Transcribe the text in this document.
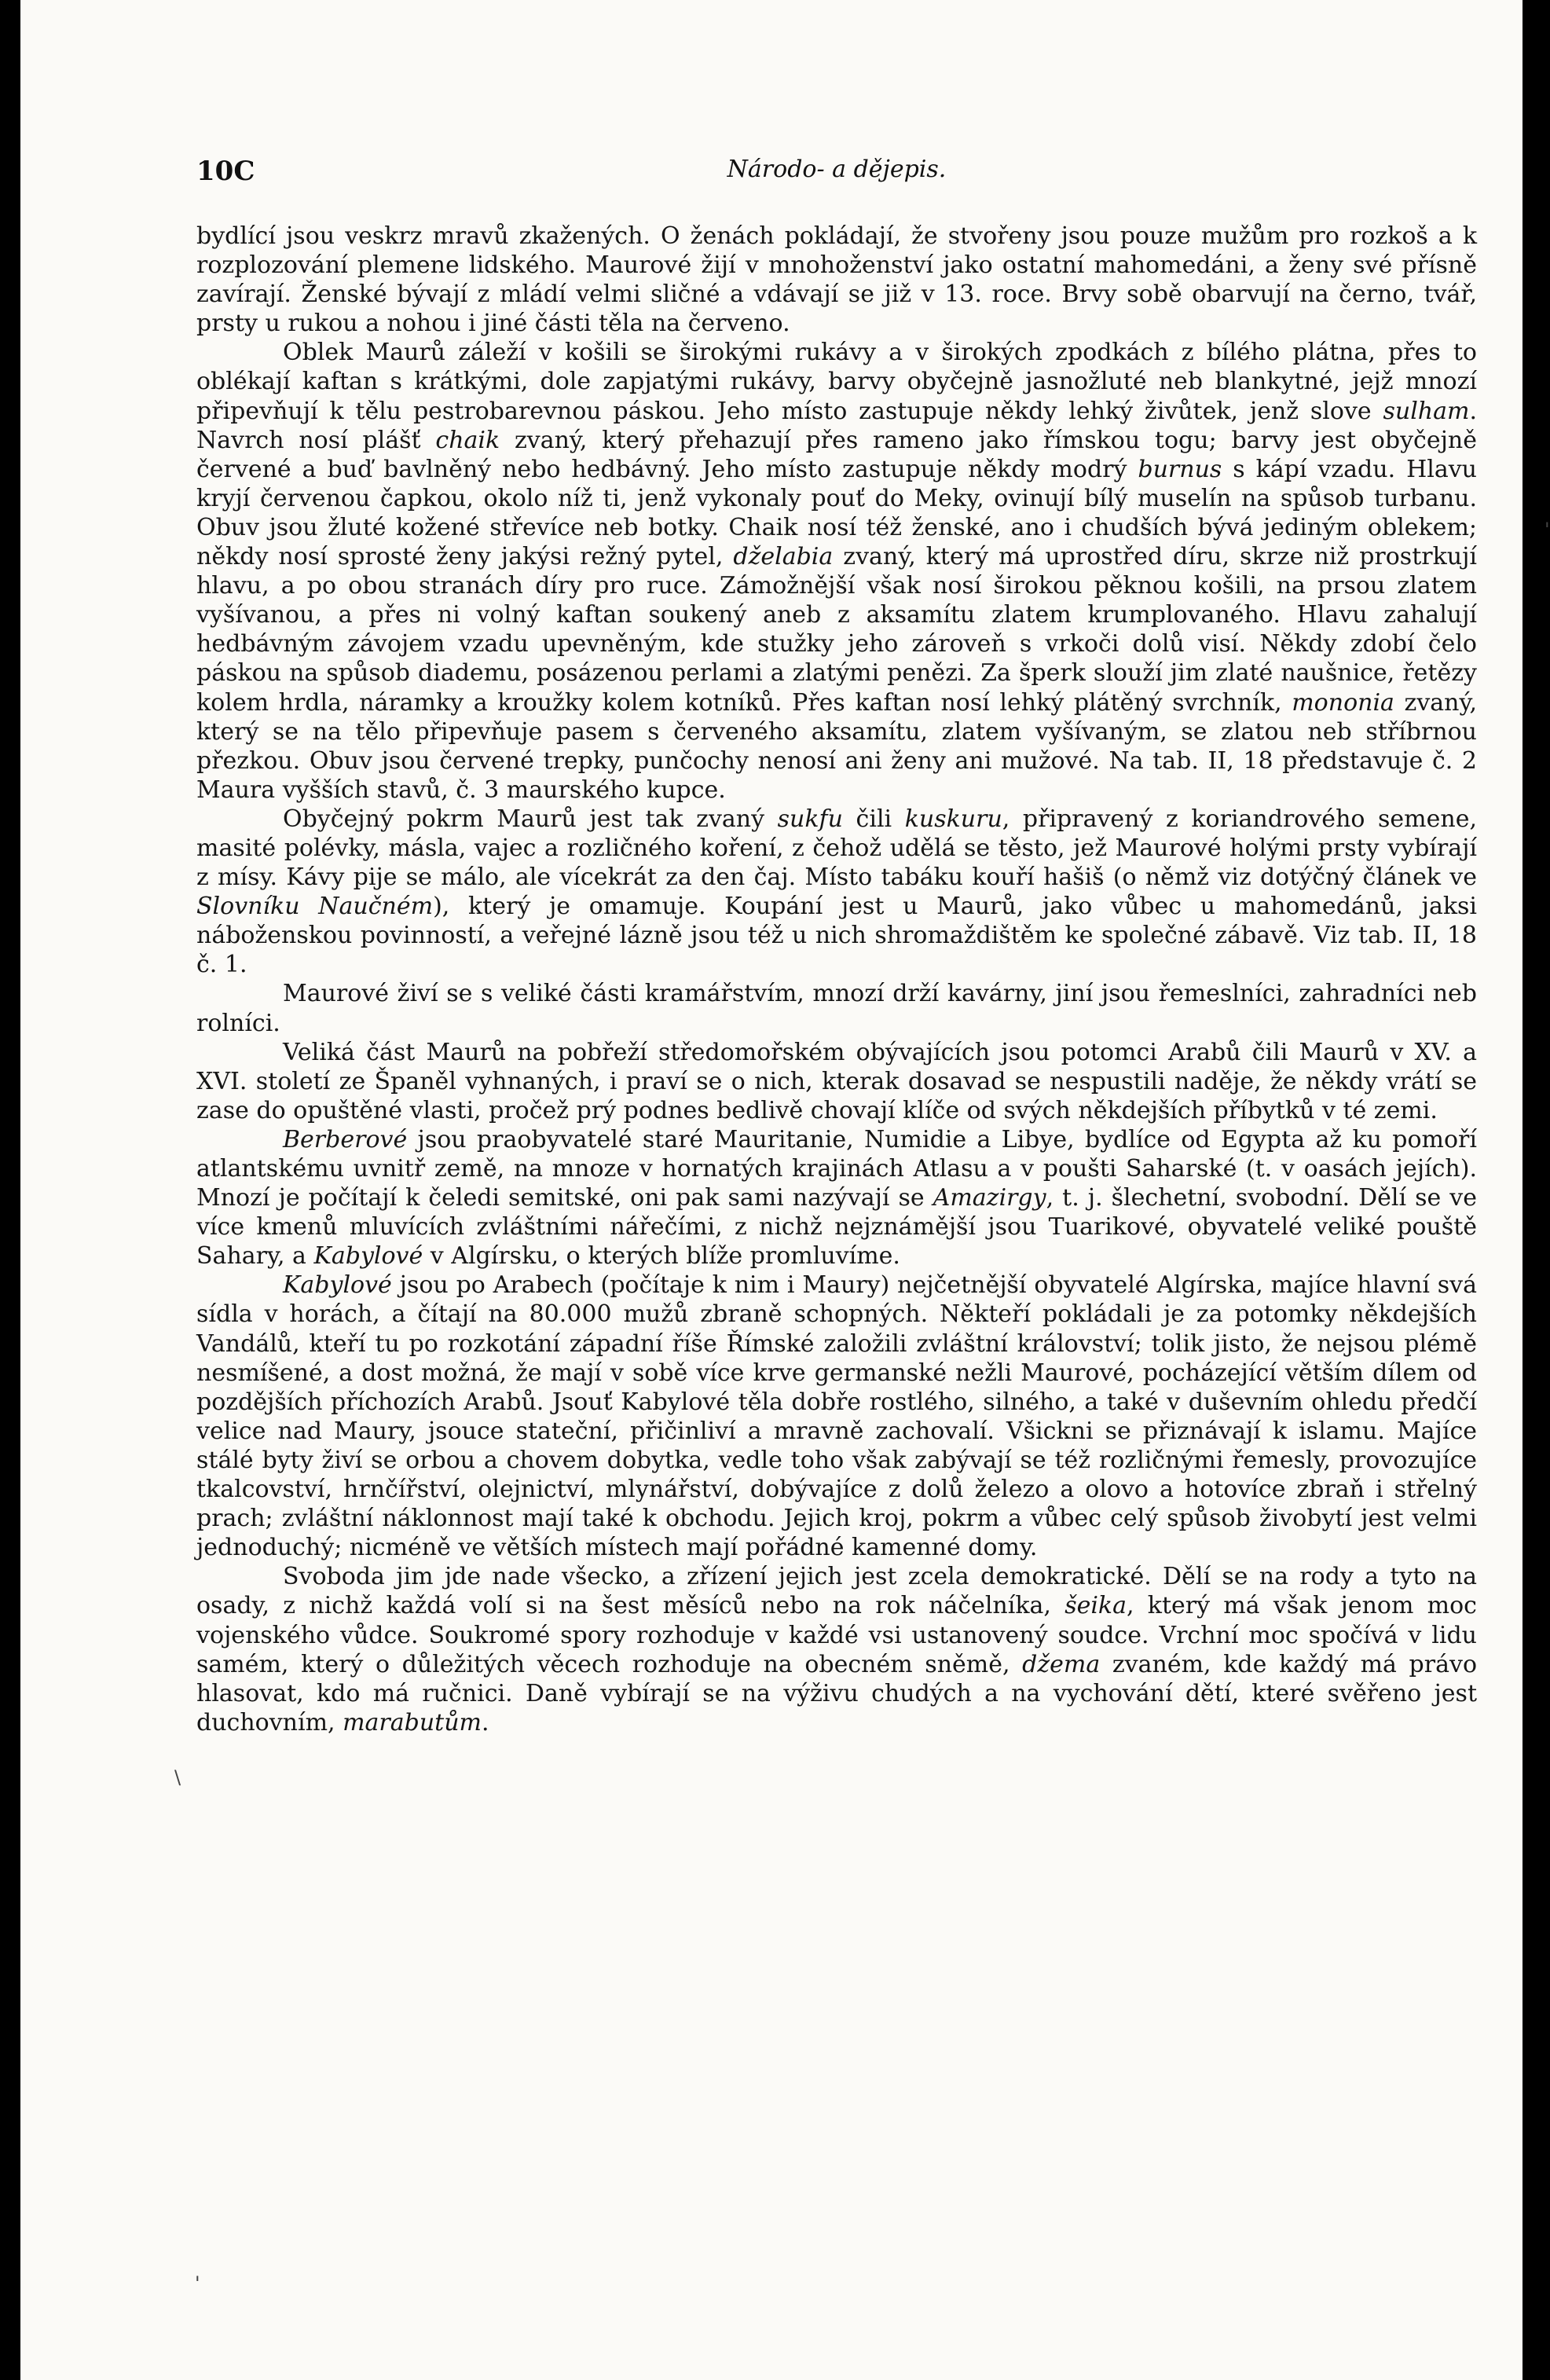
10C	Národo- a dějepis.

bydlící jsou veskrz mravů zkažených. O ženách pokládají, že stvořeny jsou pouze mužům pro rozkoš a k rozplozování plemene lidského. Maurové žijí v mnohoženství jako ostatní mahomedáni, a ženy své přísně zavírají. Ženské bývají z mládí velmi sličné a vdávají se již v 13. roce. Brvy sobě obarvují na černo, tvář, prsty u rukou a nohou i jiné části těla na červeno.

Oblek Maurů záleží v košili se širokými rukávy a v širokých zpodkách z bílého plátna, přes to oblékají kaftan s krátkými, dole zapjatými rukávy, barvy obyčejně jasnožluté neb blankytné, jejž mnozí připevňují k tělu pestrobarevnou páskou. Jeho místo zastupuje někdy lehký živůtek, jenž slove sulham. Navrch nosí plášť chaik zvaný, který přehazují přes rameno jako římskou togu; barvy jest obyčejně červené a buď bavlněný nebo hedbávný. Jeho místo zastupuje někdy modrý burnus s kápí vzadu. Hlavu kryjí červenou čapkou, okolo níž ti, jenž vykonaly pouť do Meky, ovinují bílý muselín na spůsob turbanu. Obuv jsou žluté kožené střevíce neb botky. Chaik nosí též ženské, ano i chudších bývá jediným oblekem; někdy nosí sprosté ženy jakýsi režný pytel, dželabia zvaný, který má uprostřed díru, skrze niž prostrkují hlavu, a po obou stranách díry pro ruce. Zámožnější však nosí širokou pěknou košili, na prsou zlatem vyšívanou, a přes ni volný kaftan soukený aneb z aksamítu zlatem krumplovaného. Hlavu zahalují hedbávným závojem vzadu upevněným, kde stužky jeho zároveň s vrkoči dolů visí. Někdy zdobí čelo páskou na spůsob diademu, posázenou perlami a zlatými penězi. Za šperk slouží jim zlaté naušnice, řetězy kolem hrdla, náramky a kroužky kolem kotníků. Přes kaftan nosí lehký plátěný svrchník, mononia zvaný, který se na tělo připevňuje pasem s červeného aksamítu, zlatem vyšívaným, se zlatou neb stříbrnou přezkou. Obuv jsou červené trepky, punčochy nenosí ani ženy ani mužové. Na tab. II, 18 představuje č. 2 Maura vyšších stavů, č. 3 maurského kupce.

Obyčejný pokrm Maurů jest tak zvaný sukfu čili kuskuru, připravený z koriandrového semene, masité polévky, másla, vajec a rozličného koření, z čehož udělá se těsto, jež Maurové holými prsty vybírají z mísy. Kávy pije se málo, ale vícekrát za den čaj. Místo tabáku kouří hašiš (o němž viz dotýčný článek ve Slovníku Naučném), který je omamuje. Koupání jest u Maurů, jako vůbec u mahomedánů, jaksi náboženskou povinností, a veřejné lázně jsou též u nich shromaždištěm ke společné zábavě. Viz tab. II, 18 č. 1.

Maurové živí se s veliké části kramářstvím, mnozí drží kavárny, jiní jsou řemeslníci, zahradníci neb rolníci.

Veliká část Maurů na pobřeží středomořském obývajících jsou potomci Arabů čili Maurů v XV. a XVI. století ze Španěl vyhnaných, i praví se o nich, kterak dosavad se nespustili naděje, že někdy vrátí se zase do opuštěné vlasti, pročež prý podnes bedlivě chovají klíče od svých někdejších příbytků v té zemi.

Berberové jsou praobyvatelé staré Mauritanie, Numidie a Libye, bydlíce od Egypta až ku pomoří atlantskému uvnitř země, na mnoze v hornatých krajinách Atlasu a v poušti Saharské (t. v oasách jejích). Mnozí je počítají k čeledi semitské, oni pak sami nazývají se Amazirgy, t. j. šlechetní, svobodní. Dělí se ve více kmenů mluvících zvláštními nářečími, z nichž nejznámější jsou Tuarikové, obyvatelé veliké pouště Sahary, a Kabylové v Algírsku, o kterých blíže promluvíme.

Kabylové jsou po Arabech (počítaje k nim i Maury) nejčetnější obyvatelé Algírska, majíce hlavní svá sídla v horách, a čítají na 80.000 mužů zbraně schopných. Někteří pokládali je za potomky někdejších Vandálů, kteří tu po rozkotání západní říše Římské založili zvláštní království; tolik jisto, že nejsou plémě nesmíšené, a dost možná, že mají v sobě více krve germanské nežli Maurové, pocházející větším dílem od pozdějších příchozích Arabů. Jsouť Kabylové těla dobře rostlého, silného, a také v duševním ohledu předčí velice nad Maury, jsouce stateční, přičinliví a mravně zachovalí. Všickni se přiznávají k islamu. Majíce stálé byty živí se orbou a chovem dobytka, vedle toho však zabývají se též rozličnými řemesly, provozujíce tkalcovství, hrnčířství, olejnictví, mlynářství, dobývajíce z dolů železo a olovo a hotovíce zbraň i střelný prach; zvláštní náklonnost mají také k obchodu. Jejich kroj, pokrm a vůbec celý spůsob živobytí jest velmi jednoduchý; nicméně ve větších místech mají pořádné kamenné domy.

Svoboda jim jde nade všecko, a zřízení jejich jest zcela demokratické. Dělí se na rody a tyto na osady, z nichž každá volí si na šest měsíců nebo na rok náčelníka, šeika, který má však jenom moc vojenského vůdce. Soukromé spory rozhoduje v každé vsi ustanovený soudce. Vrchní moc spočívá v lidu samém, který o důležitých věcech rozhoduje na obecném sněmě, džema zvaném, kde každý má právo hlasovat, kdo má ručnici. Daně vybírají se na výživu chudých a na vychování dětí, které svěřeno jest duchovním, marabutům.

'
\
'
